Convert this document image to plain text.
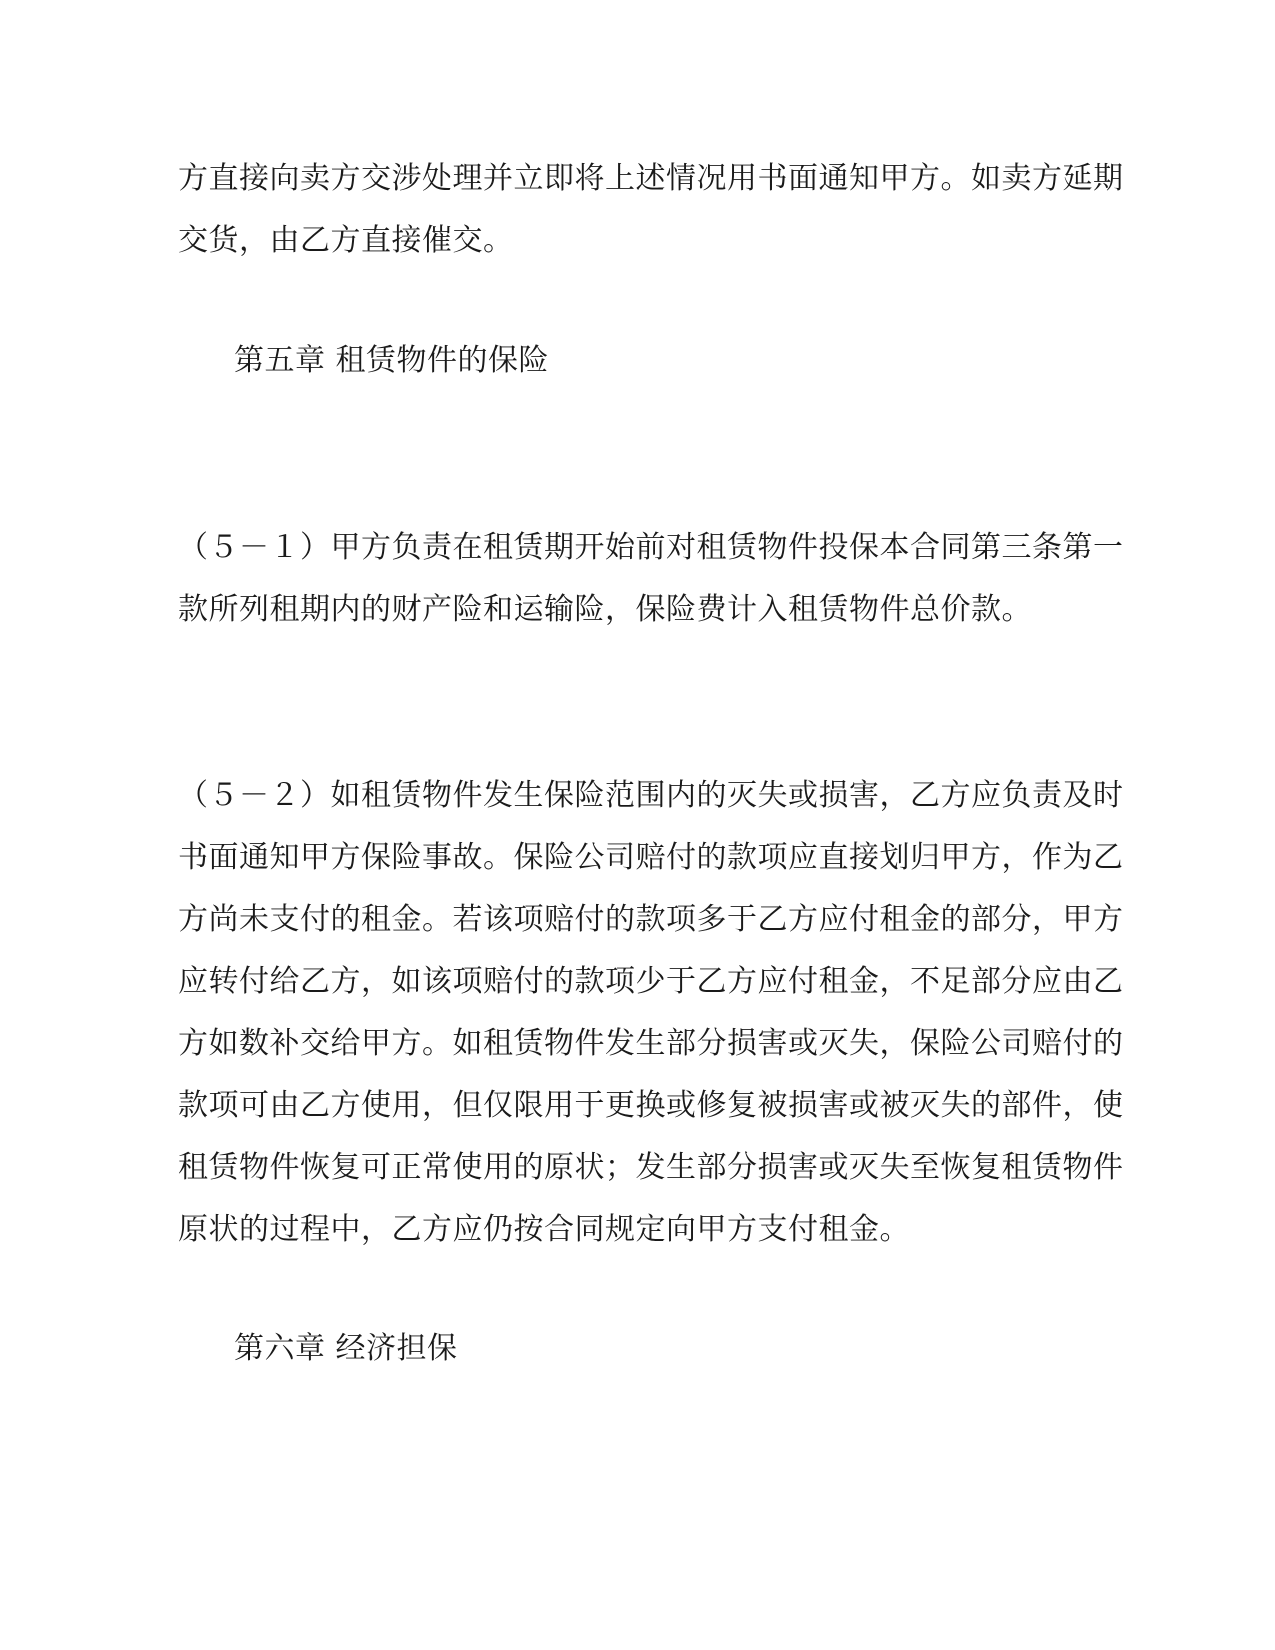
方直接向卖方交涉处理并立即将上述情况用书面通知甲方。如卖方延期
交货，由乙方直接催交。

第五章 租赁物件的保险

（５－１）甲方负责在租赁期开始前对租赁物件投保本合同第三条第一
款所列租期内的财产险和运输险，保险费计入租赁物件总价款。

（５－２）如租赁物件发生保险范围内的灭失或损害，乙方应负责及时
书面通知甲方保险事故。保险公司赔付的款项应直接划归甲方，作为乙
方尚未支付的租金。若该项赔付的款项多于乙方应付租金的部分，甲方
应转付给乙方，如该项赔付的款项少于乙方应付租金，不足部分应由乙
方如数补交给甲方。如租赁物件发生部分损害或灭失，保险公司赔付的
款项可由乙方使用，但仅限用于更换或修复被损害或被灭失的部件，使
租赁物件恢复可正常使用的原状；发生部分损害或灭失至恢复租赁物件
原状的过程中，乙方应仍按合同规定向甲方支付租金。

第六章 经济担保
